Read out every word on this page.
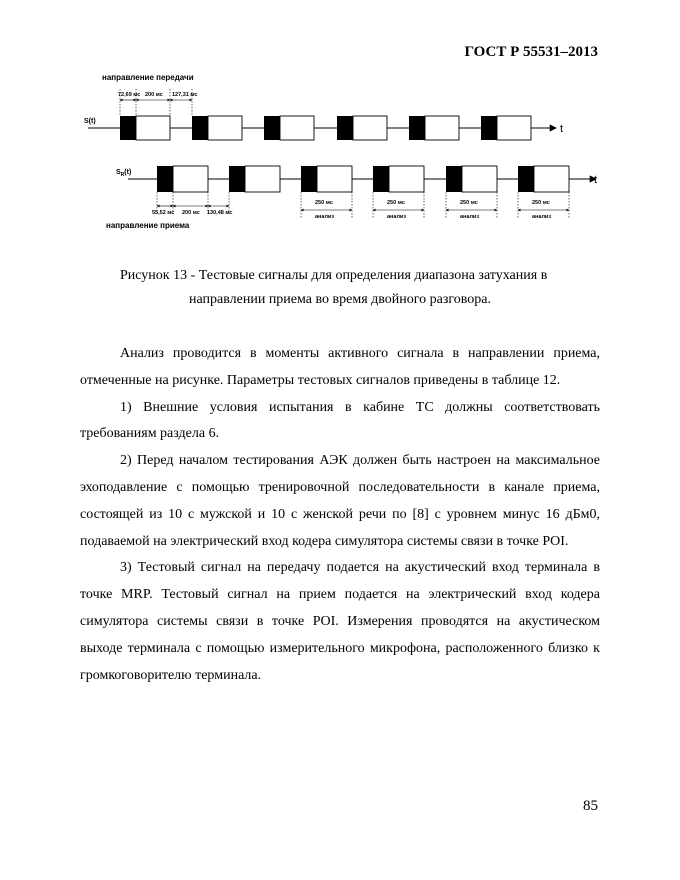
ГОСТ Р 55531–2013
направление передачи
72,69 мс 200 мс 127,31 мс
S(t)
t
$S_R(t)$
t
55,52 мс 200 мс 130,48 мс
250 мс
анализ
250 мс
анализ
250 мс
анализ
250 мс
анализ
направление приема

Рисунок 13 - Тестовые сигналы для определения диапазона затухания в

направлении приема во время двойного разговора.

Анализ проводится в моменты активного сигнала в направлении приема, отмеченные на рисунке. Параметры тестовых сигналов приведены в таблице 12.

1) Внешние условия испытания в кабине ТС должны соответствовать требованиям раздела 6.

2) Перед началом тестирования АЭК должен быть настроен на максимальное эхоподавление с помощью тренировочной последовательности в канале приема, состоящей из 10 с мужской и 10 с женской речи по [8] с уровнем минус 16 дБм0, подаваемой на электрический вход кодера симулятора системы связи в точке POI.

3) Тестовый сигнал на передачу подается на акустический вход терминала в точке MRP. Тестовый сигнал на прием подается на электрический вход кодера симулятора системы связи в точке POI. Измерения проводятся на акустическом выходе терминала с помощью измерительного микрофона, расположенного близко к громкоговорителю терминала.

85
